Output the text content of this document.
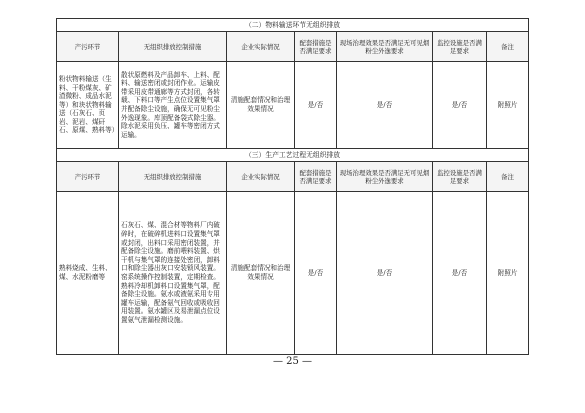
（二）物料输送环节无组织排放						
产污环节	无组织排放控制措施	企业实际情况	配套措施是否满足要求	现场治理效果是否满足无可见烟粉尘外逸要求	监控设施是否满足要求	备注
粉状物料输送（生料、干粉煤灰、矿渣微粉、成品水泥等）和块状物料输送（石灰石、页岩、泥岩、煤矸石、原煤、熟料等）	散状原燃料及产品卸车、上料、配料、输送密闭或封闭作业。运输皮带采用皮带通廊等方式封闭，各转载、下料口等产生点位设置集气罩并配备除尘设施，确保无可见粉尘外逸现象。库顶配备袋式除尘器。除水泥采用负压、罐车等密闭方式运输。	清施配套情况和治理效果情况	是/否	是/否	是/否	附照片
（三）生产工艺过程无组织排放						
产污环节	无组织排放控制措施	企业实际情况	配套措施是否满足要求	现场治理效果是否满足无可见烟粉尘外逸要求	监控设施是否满足要求	备注
熟料烧成、生料、煤、水泥粉磨等	石灰石、煤、混合材等物料厂内破碎时，在破碎机进料口设置集气罩或封闭，出料口采用密闭装置，并配备除尘设施。磨前喂料装置、烘干机与集气罩的连接处密闭，卸料口和除尘器出灰口安装锁风装置。窑系统操作控制装置，定期检查。熟料冷却机卸料口设置集气罩，配备除尘设施。氨水或液氨采用专用罐车运输，配备氨气回收或吸收回用装置。氨水罐区及易泄漏点位设置氨气泄漏检测设施。	清施配套情况和治理效果情况	是/否	是/否	是/否	附照片
— 25 —
